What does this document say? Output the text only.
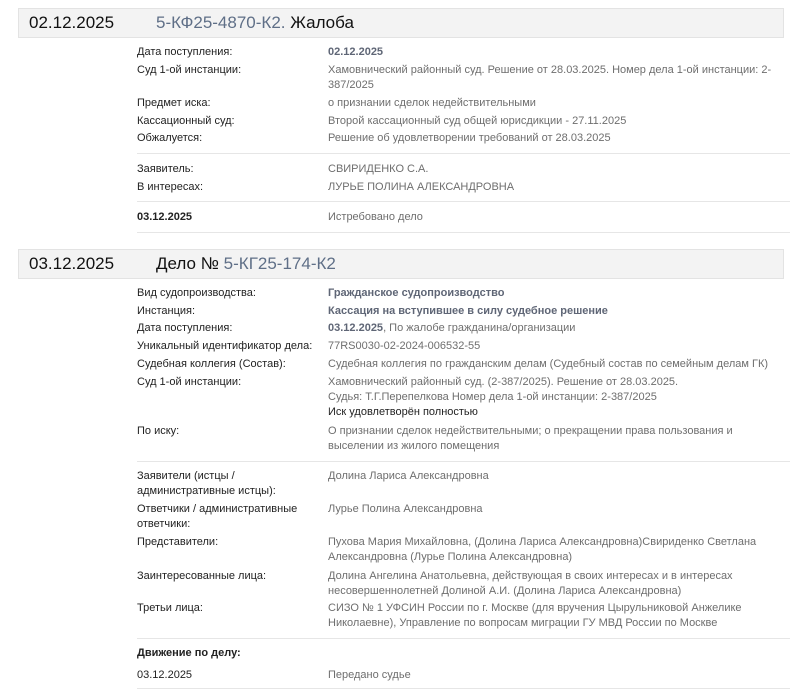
02.12.2025 5-КФ25-4870-К2. Жалоба
Дата поступления:	02.12.2025
Суд 1-ой инстанции:	Хамовнический районный суд. Решение от 28.03.2025. Номер дела 1-ой инстанции: 2-387/2025
Предмет иска:	о признании сделок недействительными
Кассационный суд:	Второй кассационный суд общей юрисдикции - 27.11.2025
Обжалуется:	Решение об удовлетворении требований от 28.03.2025
Заявитель:	СВИРИДЕНКО С.А.
В интересах:	ЛУРЬЕ ПОЛИНА АЛЕКСАНДРОВНА
03.12.2025	Истребовано дело
03.12.2025 Дело № 5-КГ25-174-К2
Вид судопроизводства:	Гражданское судопроизводство
Инстанция:	Кассация на вступившее в силу судебное решение
Дата поступления:	03.12.2025, По жалобе гражданина/организации
Уникальный идентификатор дела:	77RS0030-02-2024-006532-55
Судебная коллегия (Состав):	Судебная коллегия по гражданским делам (Судебный состав по семейным делам ГК)
Суд 1-ой инстанции:	Хамовнический районный суд. (2-387/2025). Решение от 28.03.2025.
Судья: Т.Г.Перепелкова Номер дела 1-ой инстанции: 2-387/2025
Иск удовлетворён полностью
По иску:	О признании сделок недействительными; о прекращении права пользования и выселении из жилого помещения
Заявители (истцы / административные истцы):
Долина Лариса Александровна
Ответчики / административные ответчики:
Лурье Полина Александровна
Представители:	Пухова Мария Михайловна, (Долина Лариса Александровна)Свириденко Светлана Александровна (Лурье Полина Александровна)
Заинтересованные лица:	Долина Ангелина Анатольевна, действующая в своих интересах и в интересах несовершеннолетней Долиной А.И. (Долина Лариса Александровна)
Третьи лица:	СИЗО № 1 УФСИН России по г. Москве (для вручения Цырульниковой Анжелике Николаевне), Управление по вопросам миграции ГУ МВД России по Москве
Движение по делу:
03.12.2025	Передано судье
